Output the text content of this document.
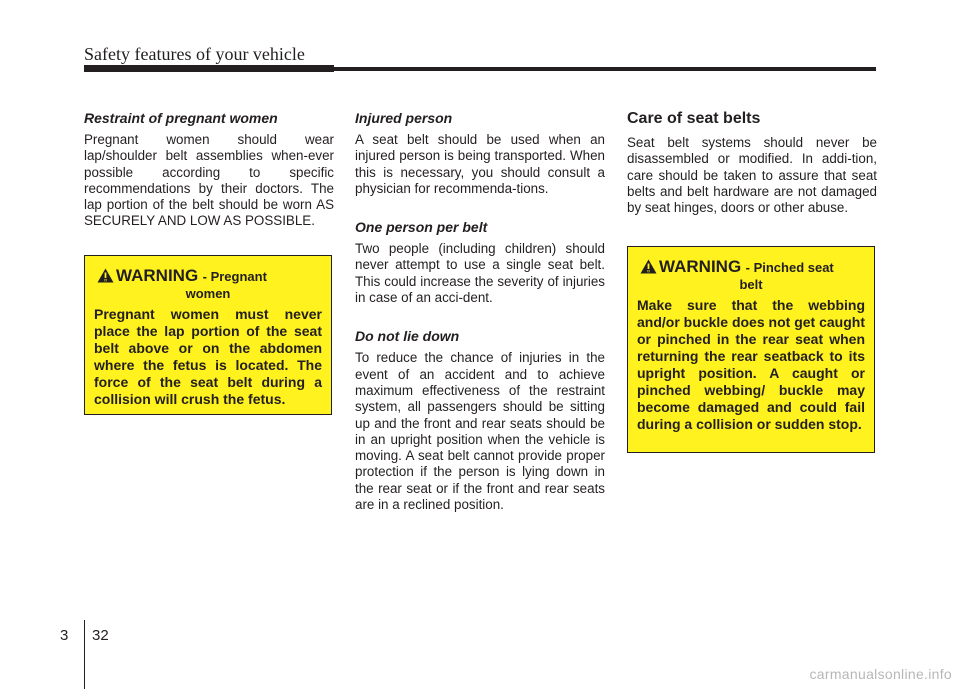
Safety features of your vehicle

Restraint of pregnant women

Pregnant women should wear lap/shoulder belt assemblies when-ever possible according to specific recommendations by their doctors. The lap portion of the belt should be worn AS SECURELY AND LOW AS POSSIBLE.

WARNING - Pregnant
women

Pregnant women must never place the lap portion of the seat belt above or on the abdomen where the fetus is located. The force of the seat belt during a collision will crush the fetus.

Injured person

A seat belt should be used when an injured person is being transported. When this is necessary, you should consult a physician for recommenda-tions.

One person per belt

Two people (including children) should never attempt to use a single seat belt. This could increase the severity of injuries in case of an acci-dent.

Do not lie down

To reduce the chance of injuries in the event of an accident and to achieve maximum effectiveness of the restraint system, all passengers should be sitting up and the front and rear seats should be in an upright position when the vehicle is moving. A seat belt cannot provide proper protection if the person is lying down in the rear seat or if the front and rear seats are in a reclined position.

Care of seat belts

Seat belt systems should never be disassembled or modified. In addi-tion, care should be taken to assure that seat belts and belt hardware are not damaged by seat hinges, doors or other abuse.

WARNING - Pinched seat
belt

Make sure that the webbing and/or buckle does not get caught or pinched in the rear seat when returning the rear seatback to its upright position. A caught or pinched webbing/ buckle may become damaged and could fail during a collision or sudden stop.

3 32
carmanualsonline.info
